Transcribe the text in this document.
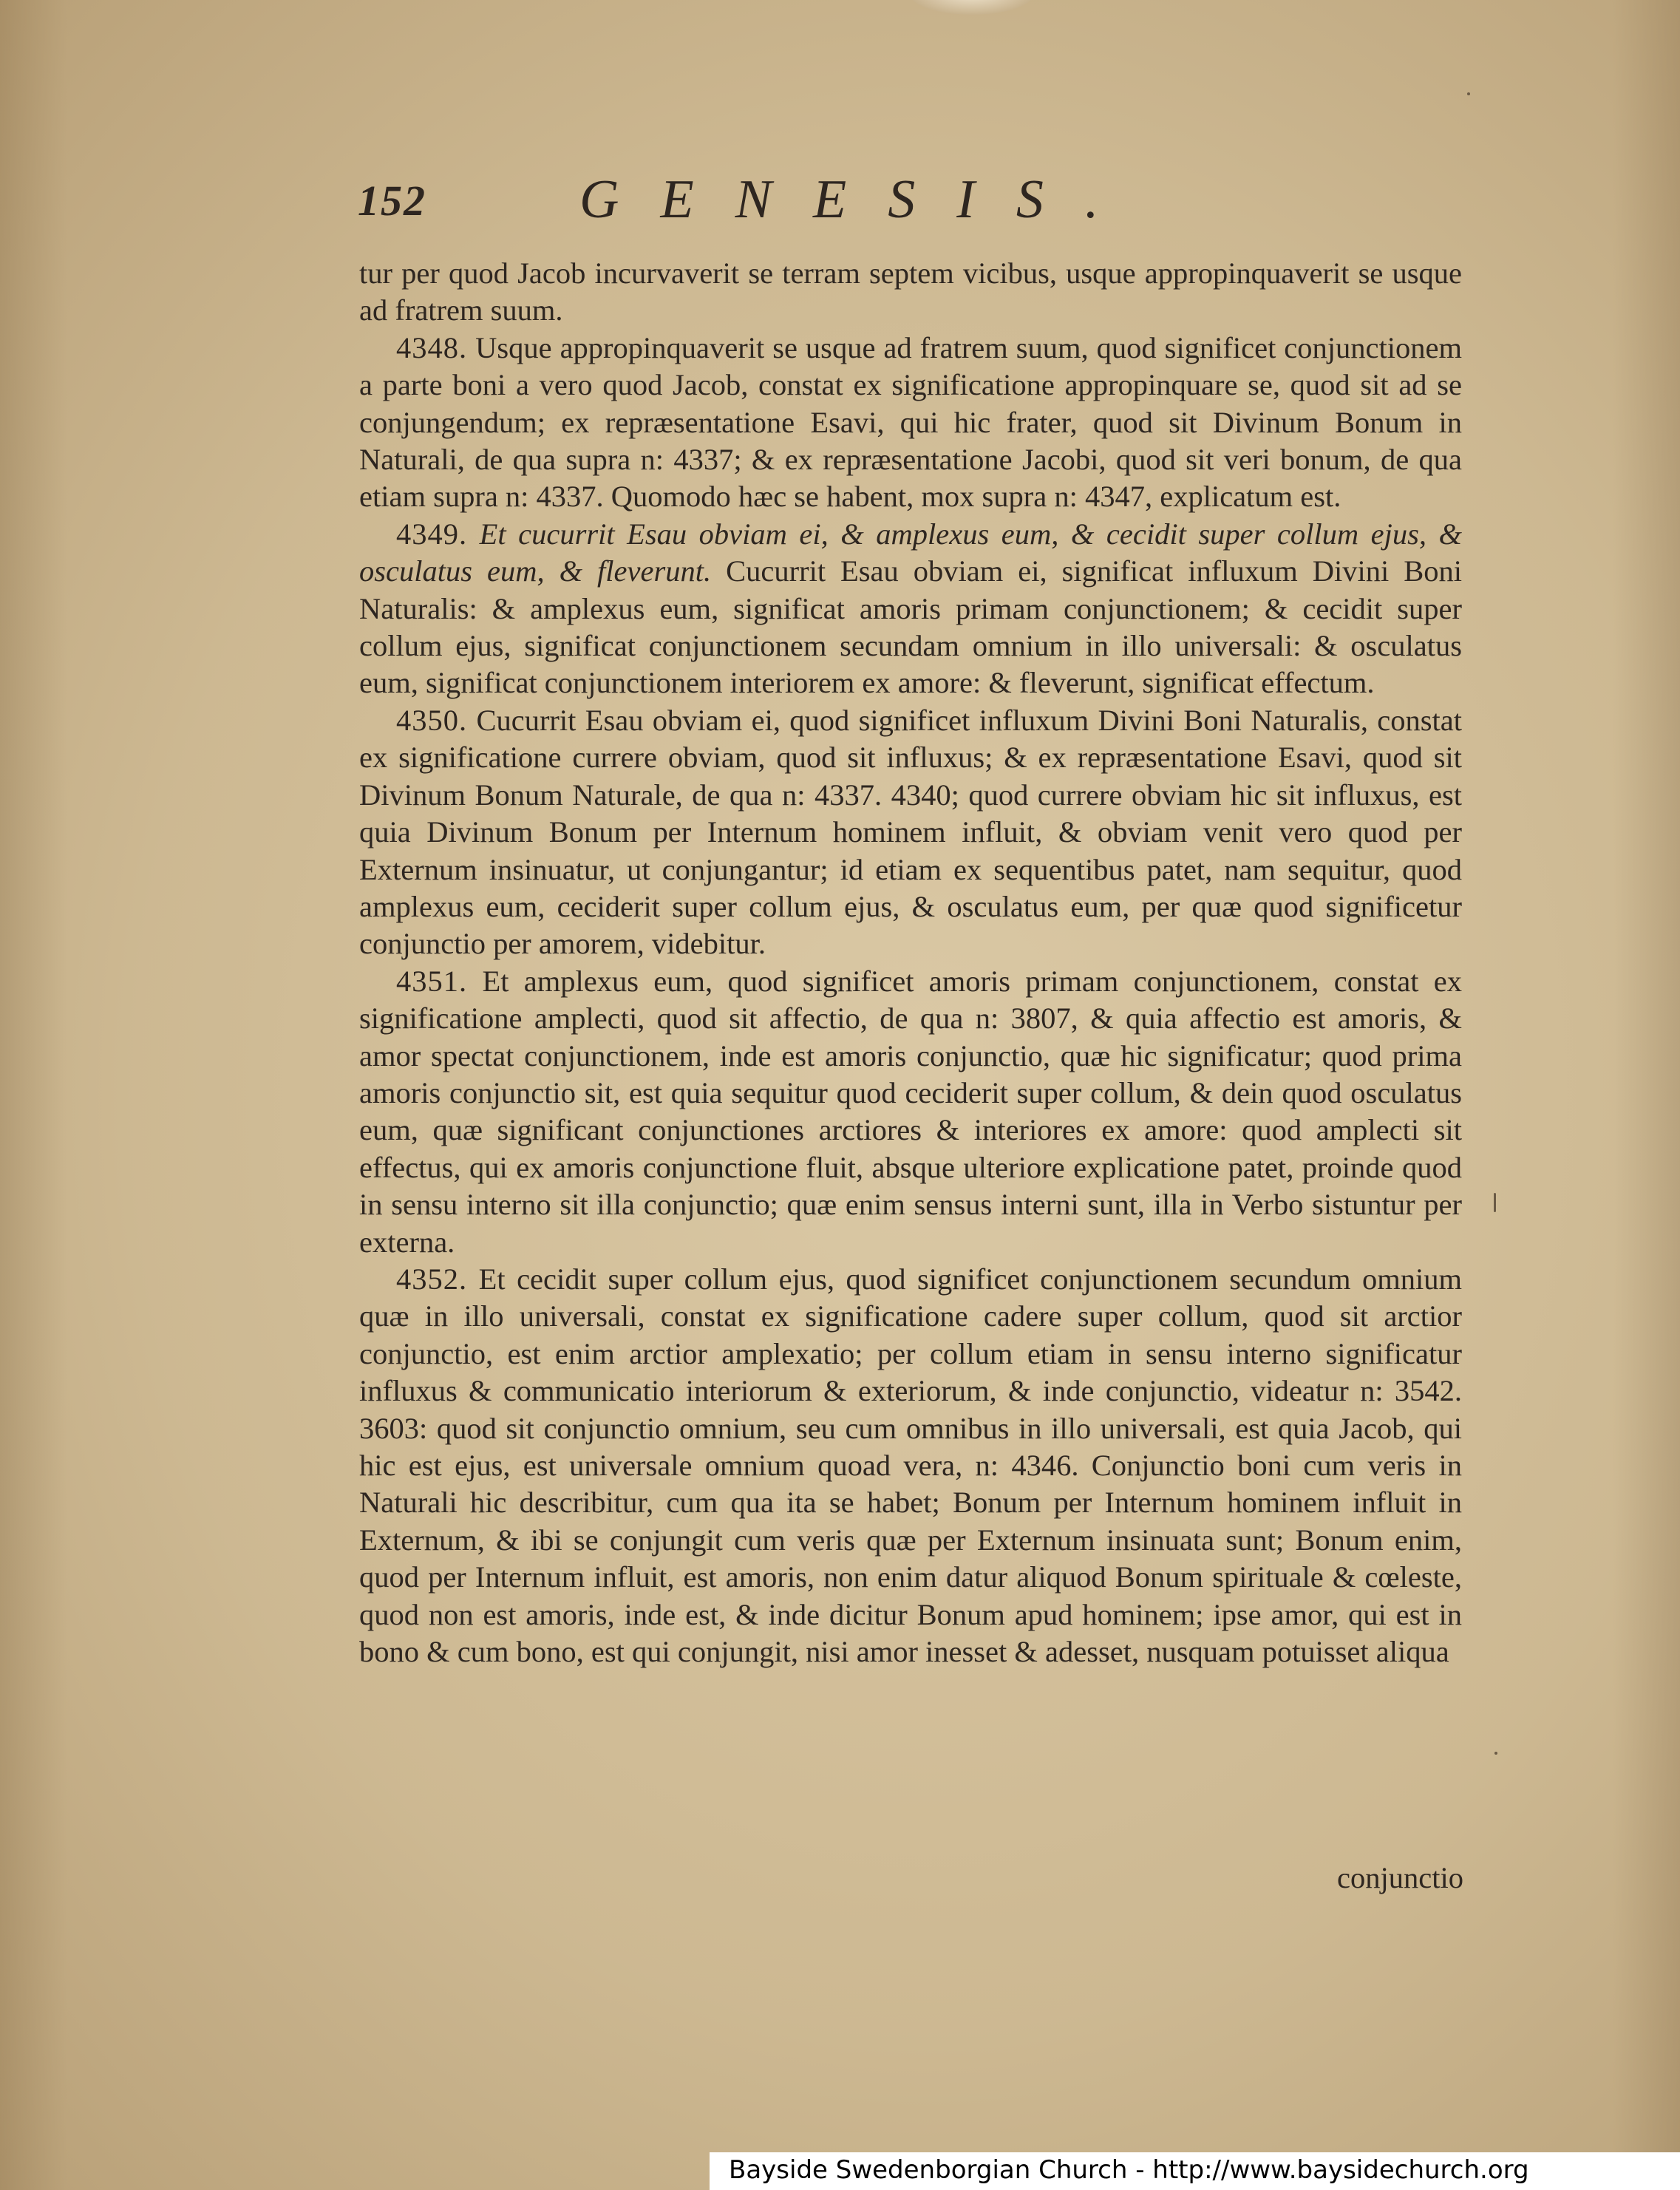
152	GENESIS.

tur per quod Jacob incurvaverit se terram septem vicibus, usque appropinquaverit se usque ad fratrem suum.

4348. Usque appropinquaverit se usque ad fratrem suum, quod significet conjunctionem a parte boni a vero quod Jacob, constat ex significatione appropinquare se, quod sit ad se conjungendum; ex repræsentatione Esavi, qui hic frater, quod sit Divinum Bonum in Naturali, de qua supra n: 4337; & ex repræsentatione Jacobi, quod sit veri bonum, de qua etiam supra n: 4337. Quomodo hæc se habent, mox supra n: 4347, explicatum est.

4349. Et cucurrit Esau obviam ei, & amplexus eum, & cecidit super collum ejus, & osculatus eum, & fleverunt. Cucurrit Esau obviam ei, significat influxum Divini Boni Naturalis: & amplexus eum, significat amoris primam conjunctionem; & cecidit super collum ejus, significat conjunctionem secundam omnium in illo universali: & osculatus eum, significat conjunctionem interiorem ex amore: & fleverunt, significat effectum.

4350. Cucurrit Esau obviam ei, quod significet influxum Divini Boni Naturalis, constat ex significatione currere obviam, quod sit influxus; & ex repræsentatione Esavi, quod sit Divinum Bonum Naturale, de qua n: 4337. 4340; quod currere obviam hic sit influxus, est quia Divinum Bonum per Internum hominem influit, & obviam venit vero quod per Externum insinuatur, ut conjungantur; id etiam ex sequentibus patet, nam sequitur, quod amplexus eum, ceciderit super collum ejus, & osculatus eum, per quæ quod significetur conjunctio per amorem, videbitur.

4351. Et amplexus eum, quod significet amoris primam conjunctionem, constat ex significatione amplecti, quod sit affectio, de qua n: 3807, & quia affectio est amoris, & amor spectat conjunctionem, inde est amoris conjunctio, quæ hic significatur; quod prima amoris conjunctio sit, est quia sequitur quod ceciderit super collum, & dein quod osculatus eum, quæ significant conjunctiones arctiores & interiores ex amore: quod amplecti sit effectus, qui ex amoris conjunctione fluit, absque ulteriore explicatione patet, proinde quod in sensu interno sit illa conjunctio; quæ enim sensus interni sunt, illa in Verbo sistuntur per externa.

4352. Et cecidit super collum ejus, quod significet conjunctionem secundum omnium quæ in illo universali, constat ex significatione cadere super collum, quod sit arctior conjunctio, est enim arctior amplexatio; per collum etiam in sensu interno significatur influxus & communicatio interiorum & exteriorum, & inde conjunctio, videatur n: 3542. 3603: quod sit conjunctio omnium, seu cum omnibus in illo universali, est quia Jacob, qui hic est ejus, est universale omnium quoad vera, n: 4346. Conjunctio boni cum veris in Naturali hic describitur, cum qua ita se habet; Bonum per Internum hominem influit in Externum, & ibi se conjungit cum veris quæ per Externum insinuata sunt; Bonum enim, quod per Internum influit, est amoris, non enim datur aliquod Bonum spirituale & cœleste, quod non est amoris, inde est, & inde dicitur Bonum apud hominem; ipse amor, qui est in bono & cum bono, est qui conjungit, nisi amor inesset & adesset, nusquam potuisset aliqua

conjunctio
Bayside Swedenborgian Church - http://www.baysidechurch.org
